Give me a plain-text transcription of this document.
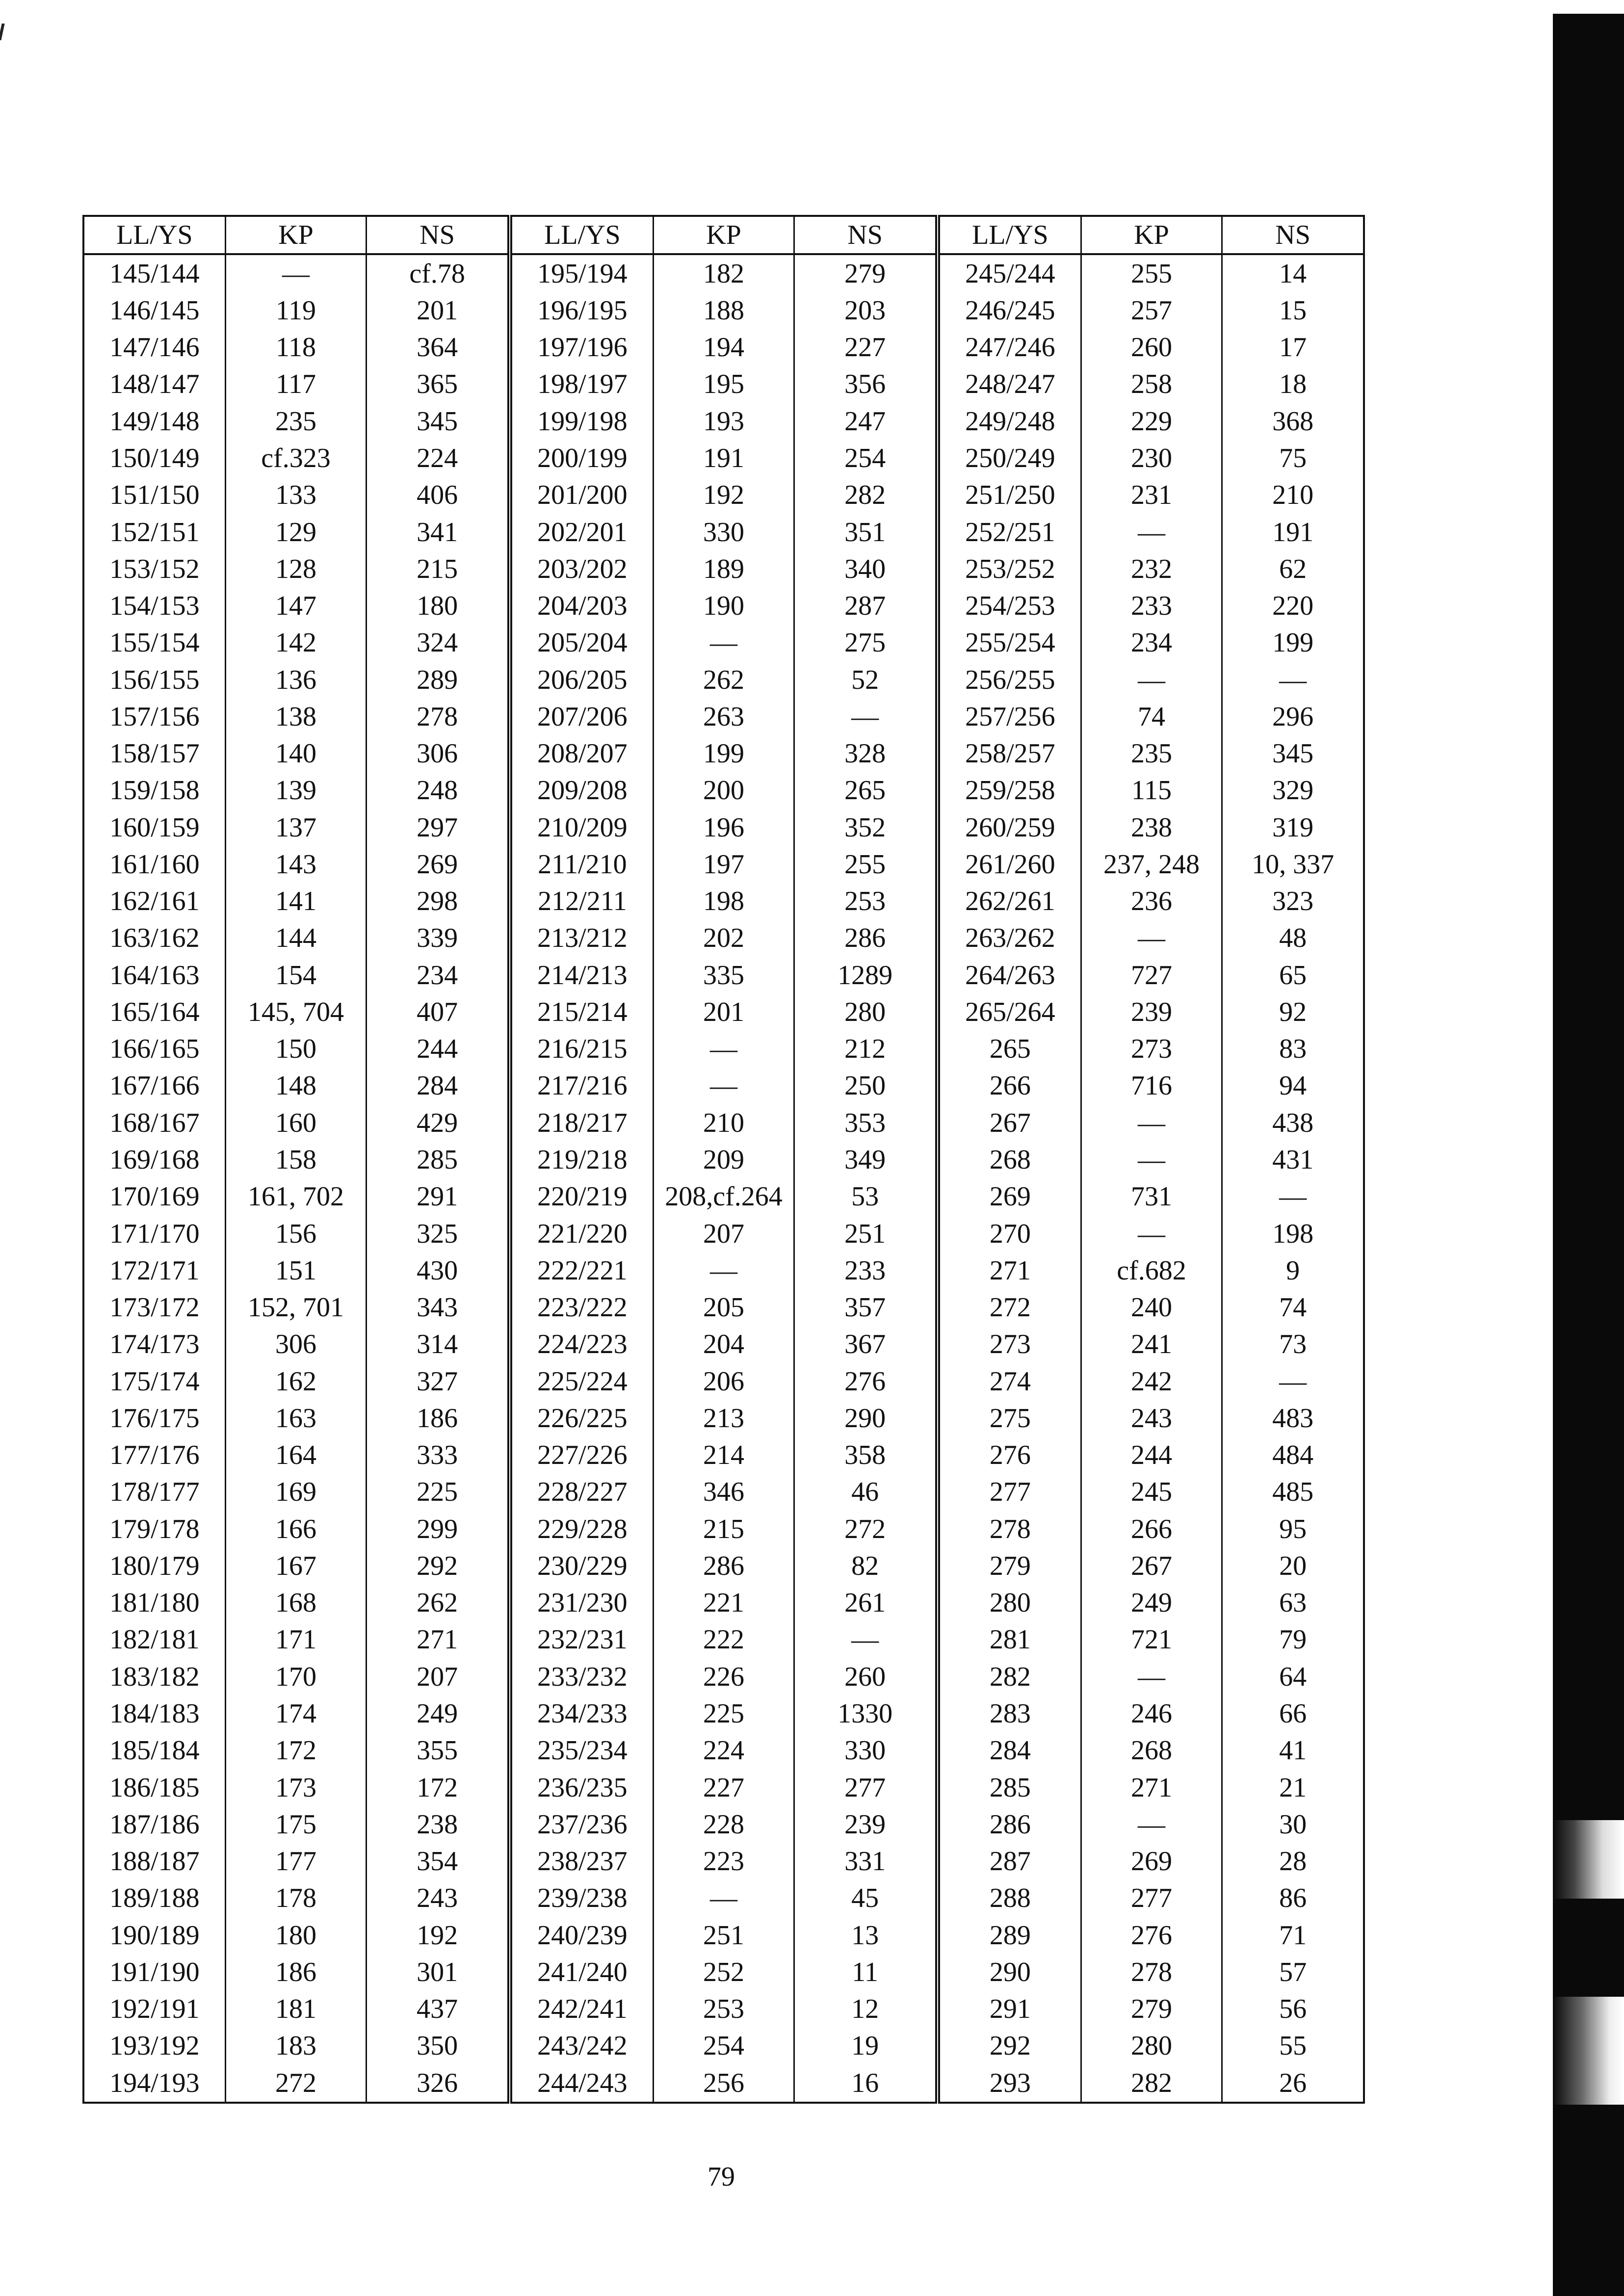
LL/YS	KP	NS
145/144	—	cf.78
146/145	119	201
147/146	118	364
148/147	117	365
149/148	235	345
150/149	cf.323	224
151/150	133	406
152/151	129	341
153/152	128	215
154/153	147	180
155/154	142	324
156/155	136	289
157/156	138	278
158/157	140	306
159/158	139	248
160/159	137	297
161/160	143	269
162/161	141	298
163/162	144	339
164/163	154	234
165/164	145, 704	407
166/165	150	244
167/166	148	284
168/167	160	429
169/168	158	285
170/169	161, 702	291
171/170	156	325
172/171	151	430
173/172	152, 701	343
174/173	306	314
175/174	162	327
176/175	163	186
177/176	164	333
178/177	169	225
179/178	166	299
180/179	167	292
181/180	168	262
182/181	171	271
183/182	170	207
184/183	174	249
185/184	172	355
186/185	173	172
187/186	175	238
188/187	177	354
189/188	178	243
190/189	180	192
191/190	186	301
192/191	181	437
193/192	183	350
194/193	272	326
LL/YS	KP	NS
195/194	182	279
196/195	188	203
197/196	194	227
198/197	195	356
199/198	193	247
200/199	191	254
201/200	192	282
202/201	330	351
203/202	189	340
204/203	190	287
205/204	—	275
206/205	262	52
207/206	263	—
208/207	199	328
209/208	200	265
210/209	196	352
211/210	197	255
212/211	198	253
213/212	202	286
214/213	335	1289
215/214	201	280
216/215	—	212
217/216	—	250
218/217	210	353
219/218	209	349
220/219	208,cf.264	53
221/220	207	251
222/221	—	233
223/222	205	357
224/223	204	367
225/224	206	276
226/225	213	290
227/226	214	358
228/227	346	46
229/228	215	272
230/229	286	82
231/230	221	261
232/231	222	—
233/232	226	260
234/233	225	1330
235/234	224	330
236/235	227	277
237/236	228	239
238/237	223	331
239/238	—	45
240/239	251	13
241/240	252	11
242/241	253	12
243/242	254	19
244/243	256	16
LL/YS	KP	NS
245/244	255	14
246/245	257	15
247/246	260	17
248/247	258	18
249/248	229	368
250/249	230	75
251/250	231	210
252/251	—	191
253/252	232	62
254/253	233	220
255/254	234	199
256/255	—	—
257/256	74	296
258/257	235	345
259/258	115	329
260/259	238	319
261/260	237, 248	10, 337
262/261	236	323
263/262	—	48
264/263	727	65
265/264	239	92
265	273	83
266	716	94
267	—	438
268	—	431
269	731	—
270	—	198
271	cf.682	9
272	240	74
273	241	73
274	242	—
275	243	483
276	244	484
277	245	485
278	266	95
279	267	20
280	249	63
281	721	79
282	—	64
283	246	66
284	268	41
285	271	21
286	—	30
287	269	28
288	277	86
289	276	71
290	278	57
291	279	56
292	280	55
293	282	26
79
